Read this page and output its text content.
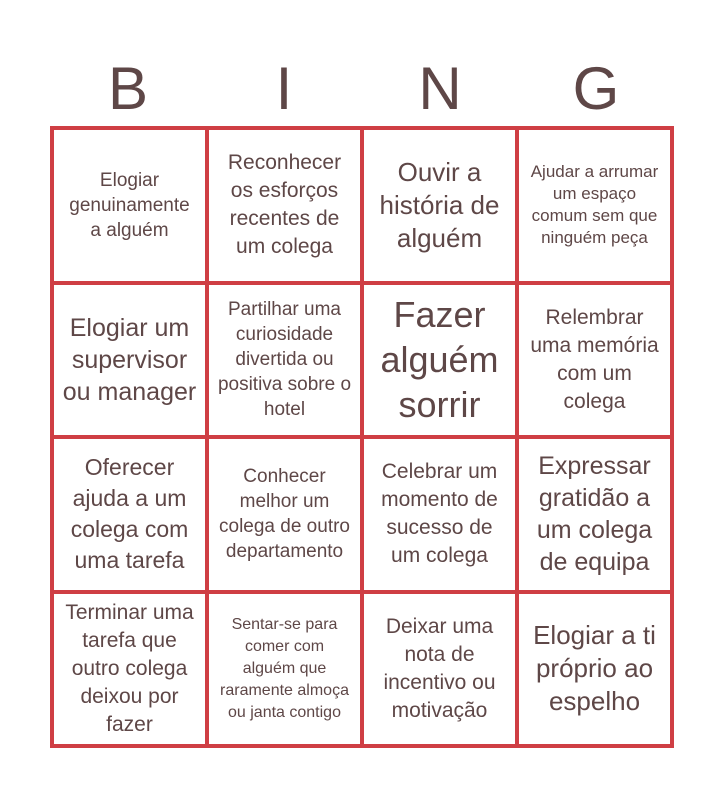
B	I	N	G
Elogiar genuinamente a alguém
Reconhecer os esforços recentes de um colega
Ouvir a história de alguém
Ajudar a arrumar um espaço comum sem que ninguém peça
Elogiar um supervisor ou manager
Partilhar uma curiosidade divertida ou positiva sobre o hotel
Fazer alguém sorrir
Relembrar uma memória com um colega
Oferecer ajuda a um colega com uma tarefa
Conhecer melhor um colega de outro departamento
Celebrar um momento de sucesso de um colega
Expressar gratidão a um colega de equipa
Terminar uma tarefa que outro colega deixou por fazer
Sentar-se para comer com alguém que raramente almoça ou janta contigo
Deixar uma nota de incentivo ou motivação
Elogiar a ti próprio ao espelho
